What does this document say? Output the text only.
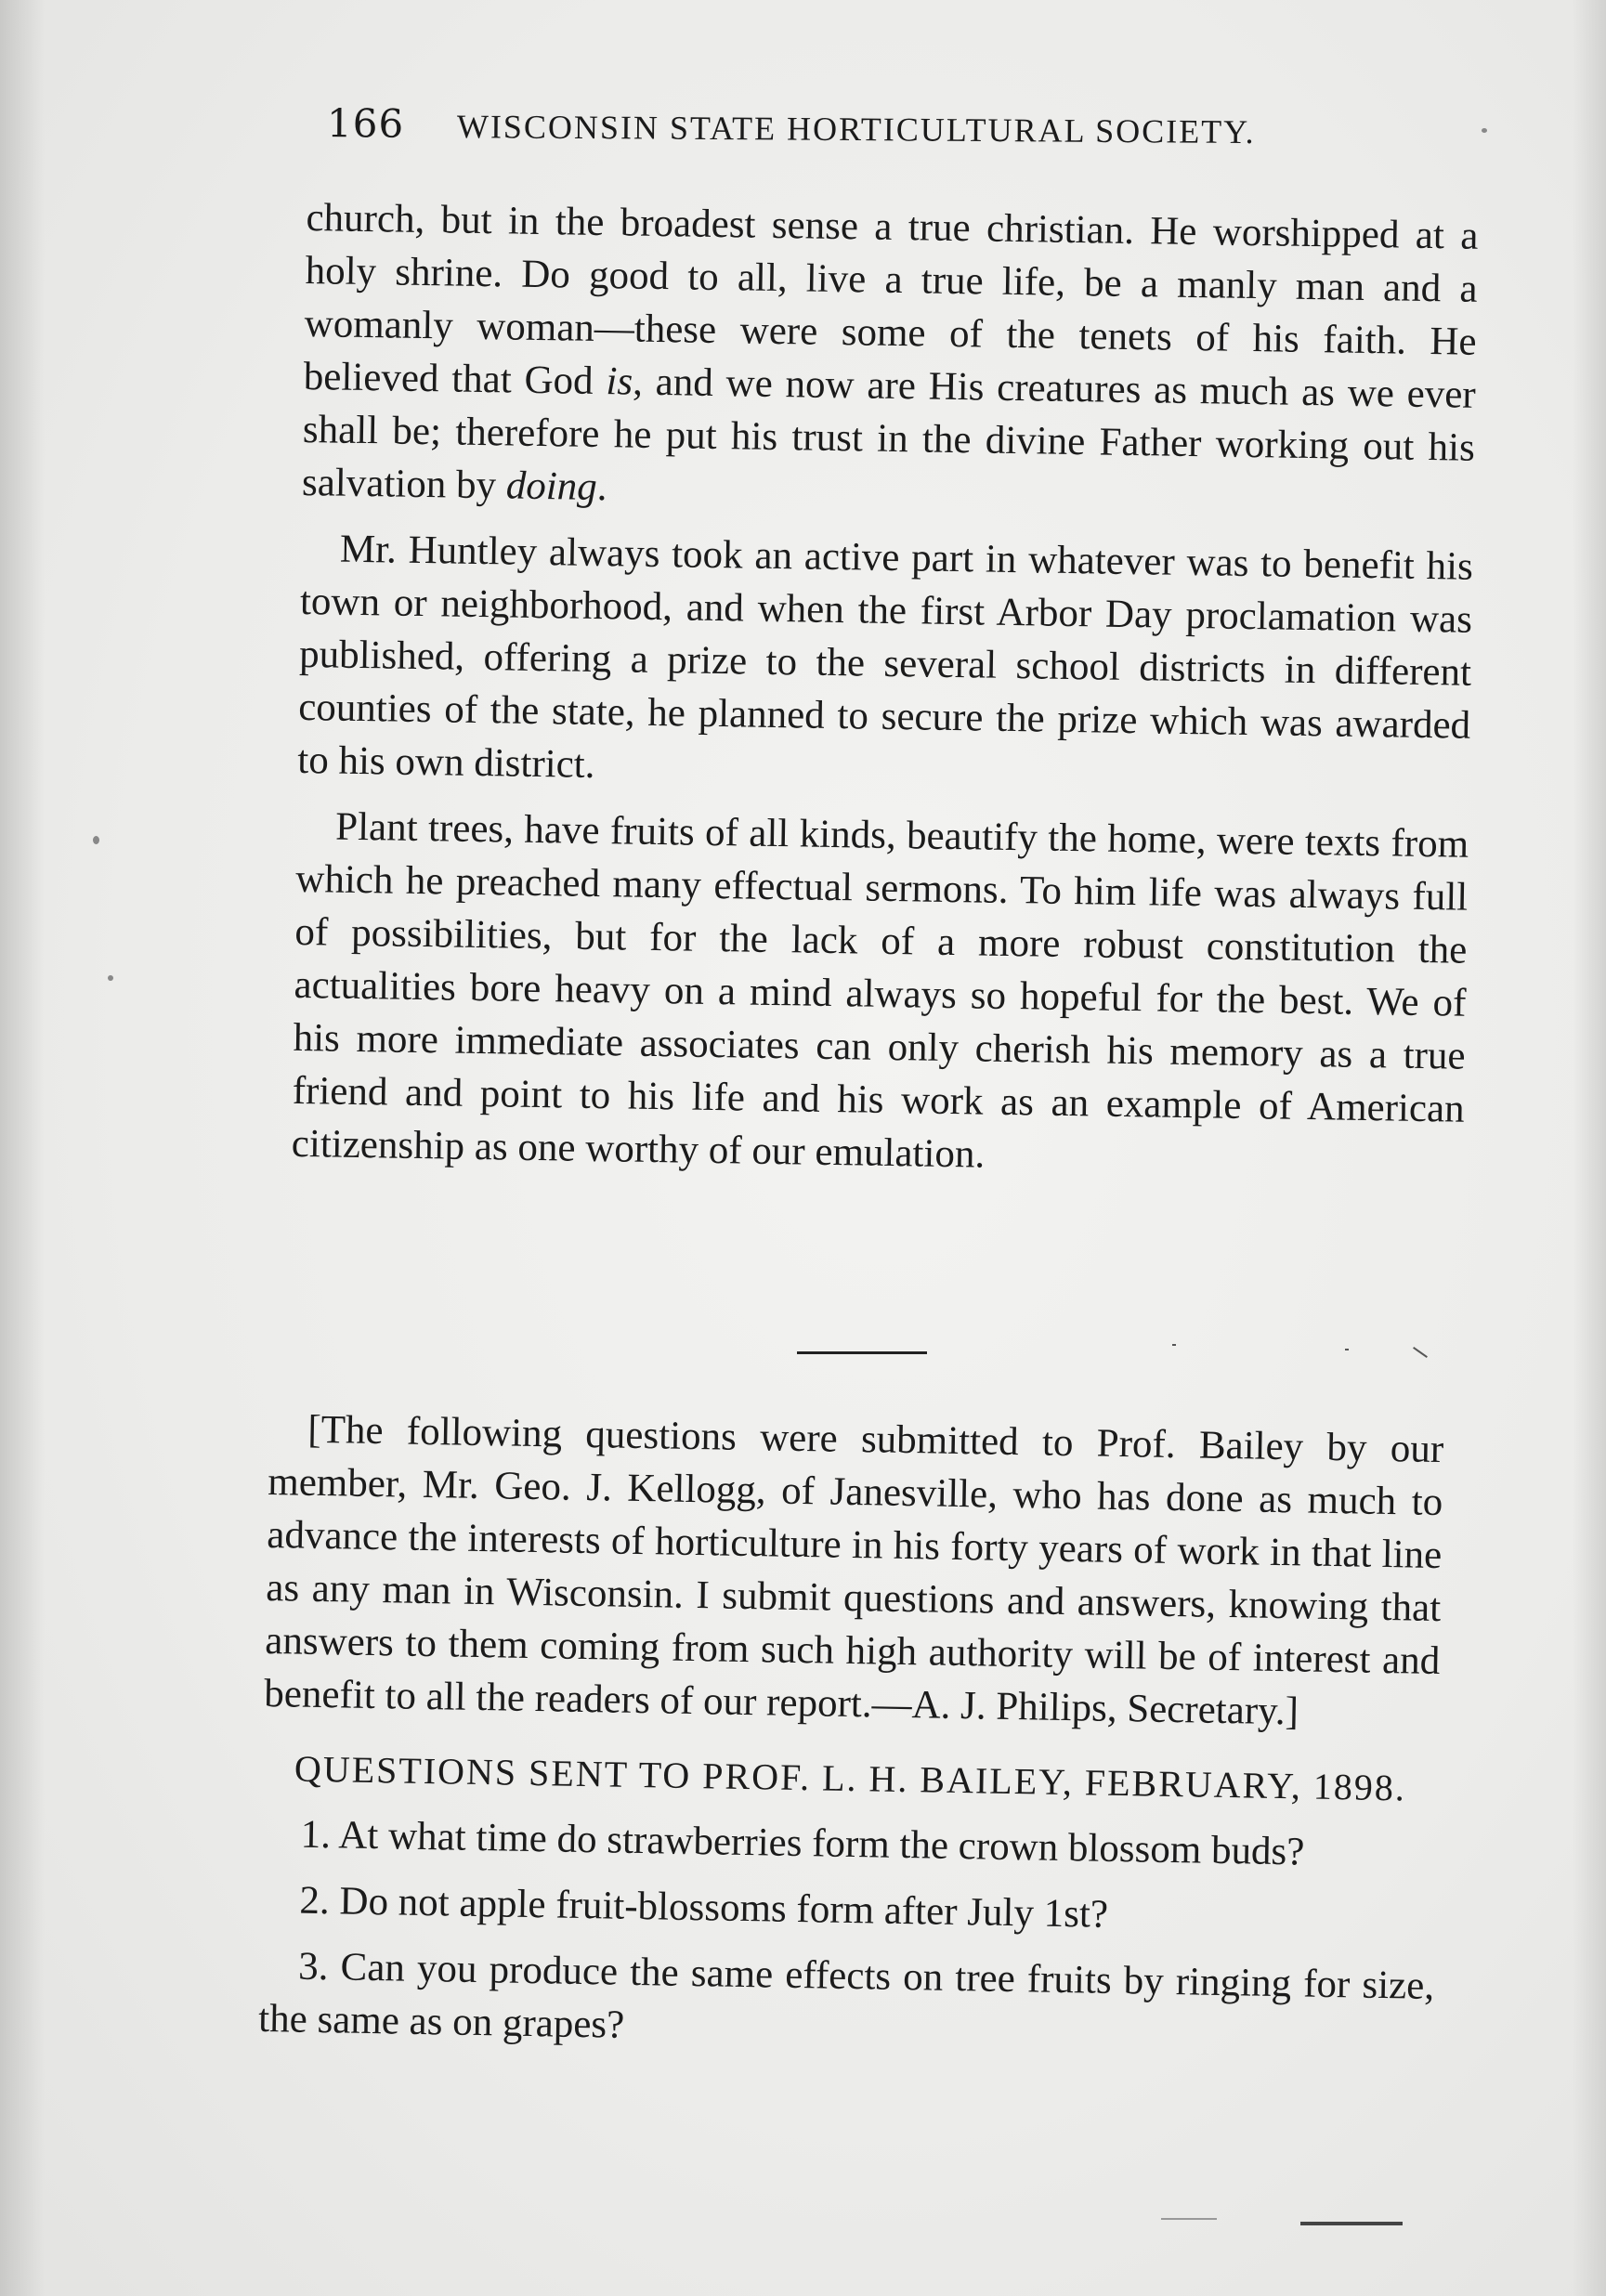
166 WISCONSIN STATE HORTICULTURAL SOCIETY.

church, but in the broadest sense a true christian. He worshipped at a holy shrine. Do good to all, live a true life, be a manly man and a womanly woman—these were some of the tenets of his faith. He believed that God is, and we now are His creatures as much as we ever shall be; therefore he put his trust in the divine Father working out his salvation by doing.

Mr. Huntley always took an active part in whatever was to benefit his town or neighborhood, and when the first Arbor Day proclamation was published, offering a prize to the several school districts in different counties of the state, he planned to secure the prize which was awarded to his own district.

Plant trees, have fruits of all kinds, beautify the home, were texts from which he preached many effectual sermons. To him life was always full of possibilities, but for the lack of a more robust constitution the actualities bore heavy on a mind always so hopeful for the best. We of his more immediate associates can only cherish his memory as a true friend and point to his life and his work as an example of American citizenship as one worthy of our emulation.

[The following questions were submitted to Prof. Bailey by our member, Mr. Geo. J. Kellogg, of Janesville, who has done as much to advance the interests of horticulture in his forty years of work in that line as any man in Wisconsin. I submit questions and answers, knowing that answers to them coming from such high authority will be of interest and benefit to all the readers of our report.—A. J. Philips, Secretary.]

QUESTIONS SENT TO PROF. L. H. BAILEY, FEBRUARY, 1898.

1. At what time do strawberries form the crown blossom buds?

2. Do not apple fruit-blossoms form after July 1st?

3. Can you produce the same effects on tree fruits by ringing for size, the same as on grapes?
